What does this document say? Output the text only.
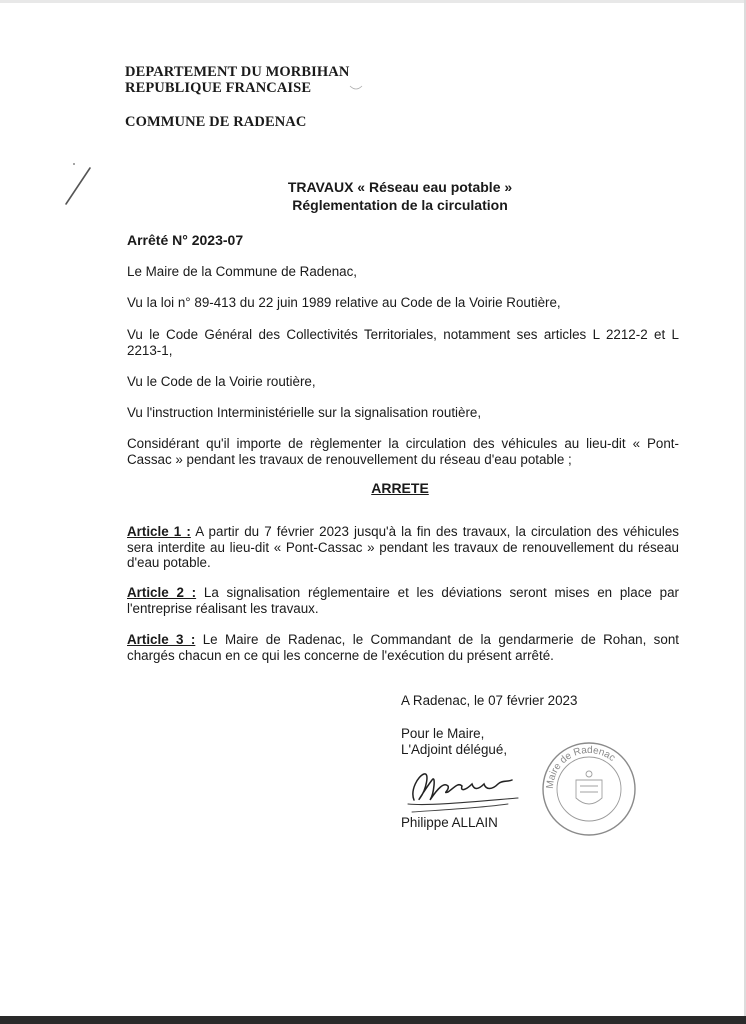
DEPARTEMENT DU MORBIHAN
REPUBLIQUE FRANCAISE
COMMUNE DE RADENAC
TRAVAUX « Réseau eau potable »
Réglementation de la circulation
Arrêté N° 2023-07
Le Maire de la Commune de Radenac,
Vu la loi n° 89-413 du 22 juin 1989 relative au Code de la Voirie Routière,
Vu le Code Général des Collectivités Territoriales, notamment ses articles L 2212-2 et L 2213-1,
Vu le Code de la Voirie routière,
Vu l'instruction Interministérielle sur la signalisation routière,
Considérant qu'il importe de règlementer la circulation des véhicules au lieu-dit « Pont-Cassac » pendant les travaux de renouvellement du réseau d'eau potable ;
ARRETE
Article 1 : A partir du 7 février 2023 jusqu'à la fin des travaux, la circulation des véhicules sera interdite au lieu-dit « Pont-Cassac » pendant les travaux de renouvellement du réseau d'eau potable.
Article 2 : La signalisation réglementaire et les déviations seront mises en place par l'entreprise réalisant les travaux.
Article 3 : Le Maire de Radenac, le Commandant de la gendarmerie de Rohan, sont chargés chacun en ce qui les concerne de l'exécution du présent arrêté.
A Radenac, le 07 février 2023
Pour le Maire,
L'Adjoint délégué,
Maire de Radenac
Philippe ALLAIN
